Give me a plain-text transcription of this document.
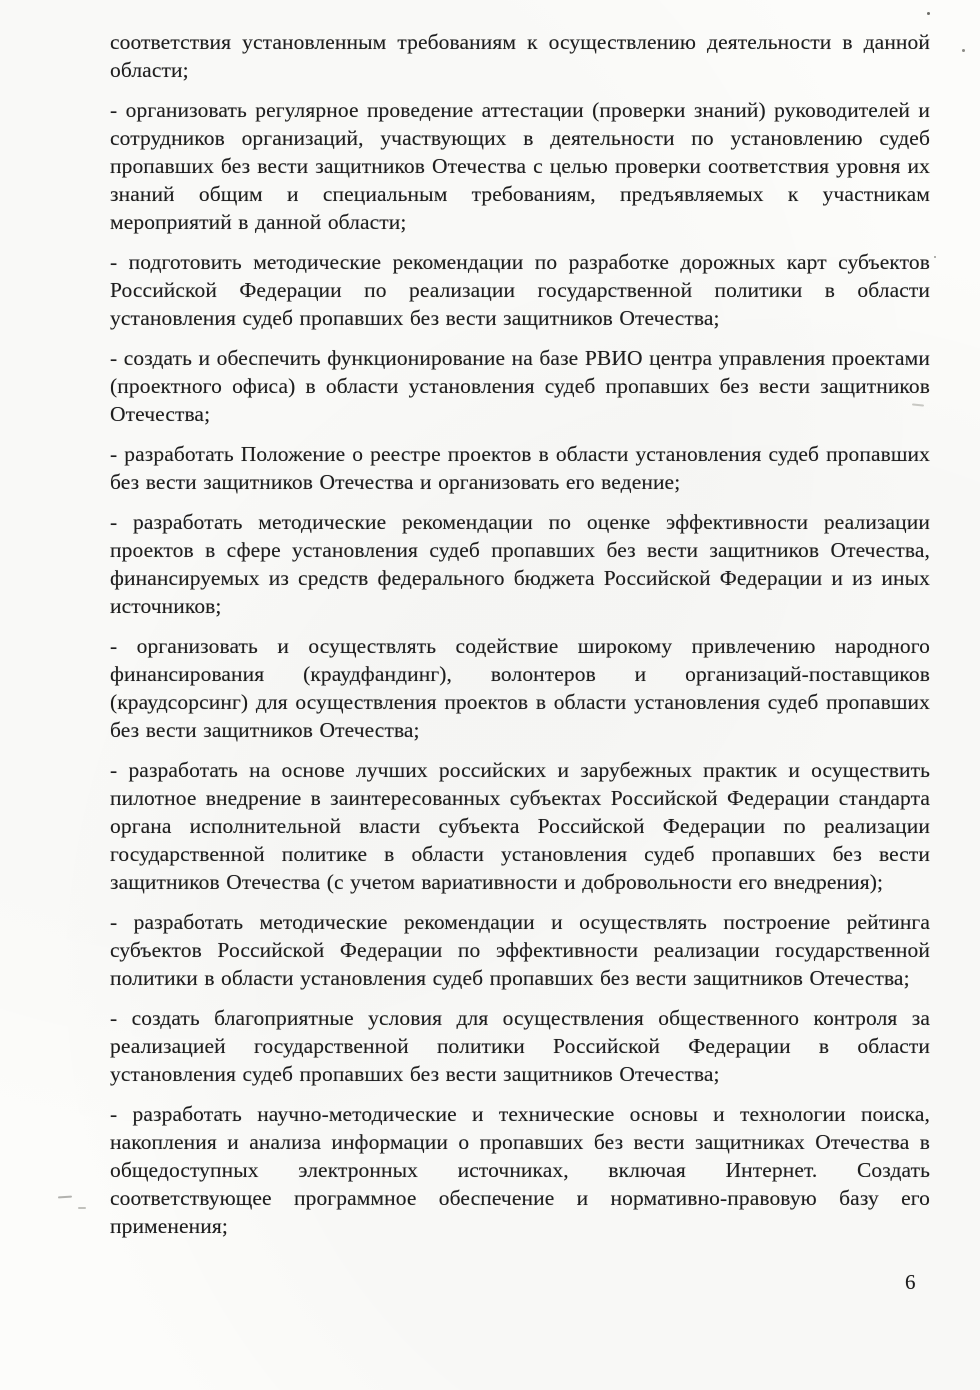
соответствия установленным требованиям к осуществлению деятельности в данной области;

- организовать регулярное проведение аттестации (проверки знаний) руководителей и сотрудников организаций, участвующих в деятельности по установлению судеб пропавших без вести защитников Отечества с целью проверки соответствия уровня их знаний общим и специальным требованиям, предъявляемых к участникам мероприятий в данной области;

- подготовить методические рекомендации по разработке дорожных карт субъектов Российской Федерации по реализации государственной политики в области установления судеб пропавших без вести защитников Отечества;

- создать и обеспечить функционирование на базе РВИО центра управления проектами (проектного офиса) в области установления судеб пропавших без вести защитников Отечества;

- разработать Положение о реестре проектов в области установления судеб пропавших без вести защитников Отечества и организовать его ведение;

- разработать методические рекомендации по оценке эффективности реализации проектов в сфере установления судеб пропавших без вести защитников Отечества, финансируемых из средств федерального бюджета Российской Федерации и из иных источников;

- организовать и осуществлять содействие широкому привлечению народного финансирования (краудфандинг), волонтеров и организаций-поставщиков (краудсорсинг) для осуществления проектов в области установления судеб пропавших без вести защитников Отечества;

- разработать на основе лучших российских и зарубежных практик и осуществить пилотное внедрение в заинтересованных субъектах Российской Федерации стандарта органа исполнительной власти субъекта Российской Федерации по реализации государственной политике в области установления судеб пропавших без вести защитников Отечества (с учетом вариативности и добровольности его внедрения);

- разработать методические рекомендации и осуществлять построение рейтинга субъектов Российской Федерации по эффективности реализации государственной политики в области установления судеб пропавших без вести защитников Отечества;

- создать благоприятные условия для осуществления общественного контроля за реализацией государственной политики Российской Федерации в области установления судеб пропавших без вести защитников Отечества;

- разработать научно-методические и технические основы и технологии поиска, накопления и анализа информации о пропавших без вести защитниках Отечества в общедоступных электронных источниках, включая Интернет. Создать соответствующее программное обеспечение и нормативно-правовую базу его применения;

6
